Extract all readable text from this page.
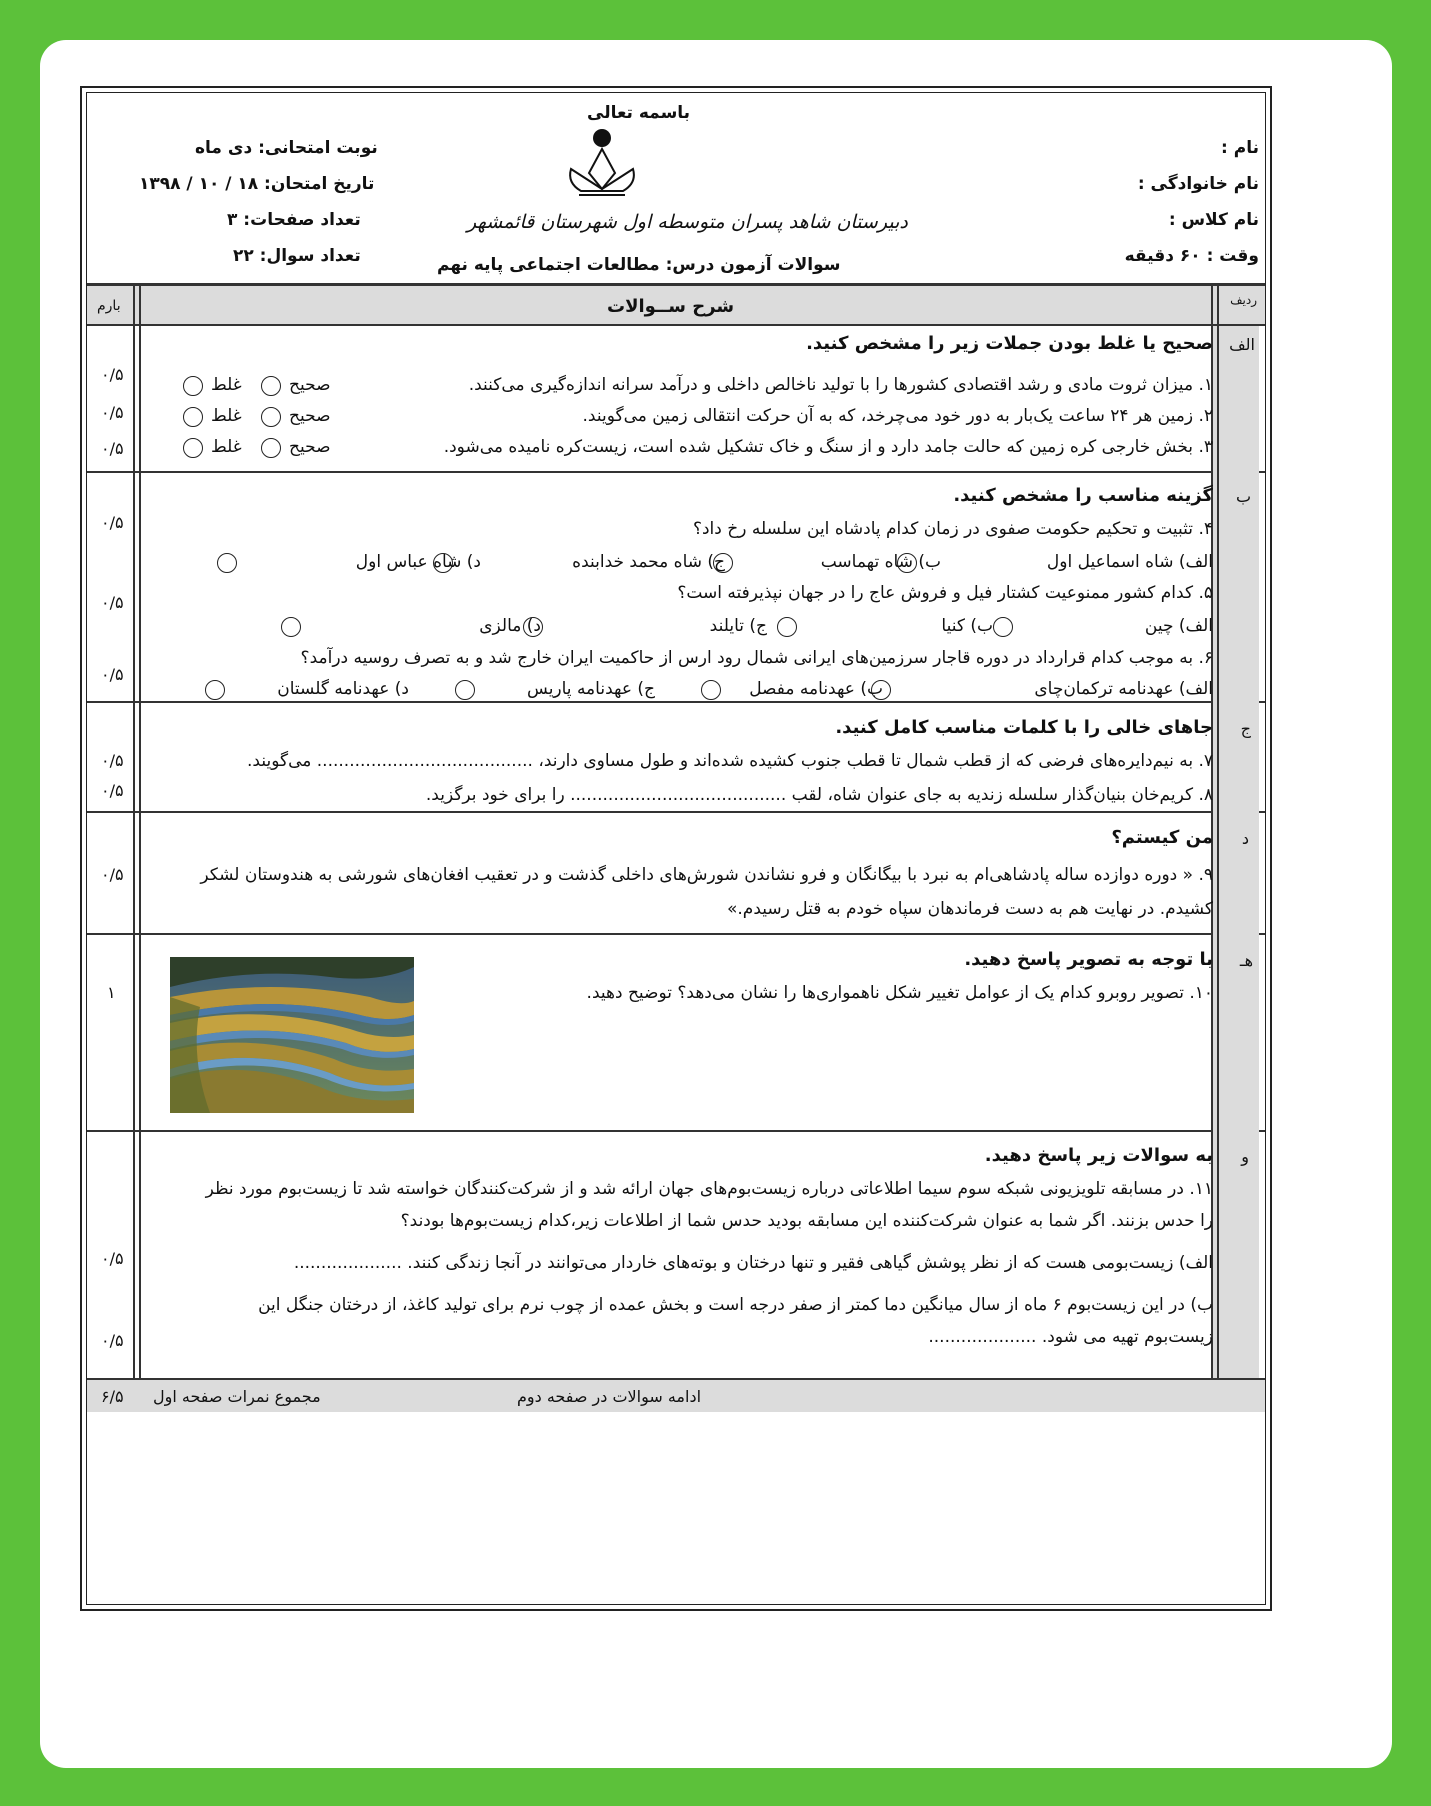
باسمه تعالی
دبیرستان شاهد پسران متوسطه اول شهرستان قائمشهر
سوالات آزمون درس: مطالعات اجتماعی پایه نهم
نام :
نام خانوادگی :
نام کلاس :
وقت : ۶۰ دقیقه
نوبت امتحانی: دی ماه
تاریخ امتحان: ۱۸ / ۱۰ / ۱۳۹۸
تعداد صفحات: ۳
تعداد سوال: ۲۲
ردیف
شرح ســوالات
بارم
الف
صحیح یا غلط بودن جملات زیر را مشخص کنید.
۱. میزان ثروت مادی و رشد اقتصادی کشورها را با تولید ناخالص داخلی و درآمد سرانه اندازه‌گیری می‌کنند.
صحیح
غلط
۰/۵
۲. زمین هر ۲۴ ساعت یک‌بار به دور خود می‌چرخد، که به آن حرکت انتقالی زمین می‌گویند.
صحیح
غلط
۰/۵
۳. بخش خارجی کره زمین که حالت جامد دارد و از سنگ و خاک تشکیل شده است، زیست‌کره نامیده می‌شود.
صحیح
غلط
۰/۵
ب
گزینه مناسب را مشخص کنید.
۴. تثبیت و تحکیم حکومت صفوی در زمان کدام پادشاه این سلسله رخ داد؟
۰/۵
الف) شاه اسماعیل اول
ب) شاه تهماسب
ج) شاه محمد خدابنده
د) شاه عباس اول
۵. کدام کشور ممنوعیت کشتار فیل و فروش عاج را در جهان نپذیرفته است؟
۰/۵
الف) چین
ب) کنیا
ج) تایلند
د) مالزی
۶. به موجب کدام قرارداد در دوره قاجار سرزمین‌های ایرانی شمال رود ارس از حاکمیت ایران خارج شد و به تصرف روسیه درآمد؟
۰/۵
الف) عهدنامه ترکمان‌چای
ب) عهدنامه مفصل
ج) عهدنامه پاریس
د) عهدنامه گلستان
ج
جاهای خالی را با کلمات مناسب کامل کنید.
۷. به نیم‌دایره‌های فرضی که از قطب شمال تا قطب جنوب کشیده شده‌اند و طول مساوی دارند، ........................................ می‌گویند.
۰/۵
۸. کریم‌خان بنیان‌گذار سلسله زندیه به جای عنوان شاه، لقب ........................................ را برای خود برگزید.
۰/۵
د
من کیستم؟
۹. « دوره دوازده ساله پادشاهی‌ام به نبرد با بیگانگان و فرو نشاندن شورش‌های داخلی گذشت و در تعقیب افغان‌های شورشی به هندوستان لشکر
کشیدم. در نهایت هم به دست فرماندهان سپاه خودم به قتل رسیدم.»
۰/۵
هـ
با توجه به تصویر پاسخ دهید.
۱۰. تصویر روبرو کدام یک از عوامل تغییر شکل ناهمواری‌ها را نشان می‌دهد؟ توضیح دهید.
۱
و
به سوالات زیر پاسخ دهید.
۱۱. در مسابقه تلویزیونی شبکه سوم سیما اطلاعاتی درباره زیست‌بوم‌های جهان ارائه شد و از شرکت‌کنندگان خواسته شد تا زیست‌بوم مورد نظر
را حدس بزنند. اگر شما به عنوان شرکت‌کننده این مسابقه بودید حدس شما از اطلاعات زیر،کدام زیست‌بوم‌ها بودند؟
الف) زیست‌بومی هست که از نظر پوشش گیاهی فقیر و تنها درختان و بوته‌های خاردار می‌توانند در آنجا زندگی کنند. ....................
۰/۵
ب) در این زیست‌بوم ۶ ماه از سال میانگین دما کمتر از صفر درجه است و بخش عمده از چوب نرم برای تولید کاغذ، از درختان جنگل این
زیست‌بوم تهیه می شود. ....................
۰/۵
ادامه سوالات در صفحه دوم
مجموع نمرات صفحه اول
۶/۵
